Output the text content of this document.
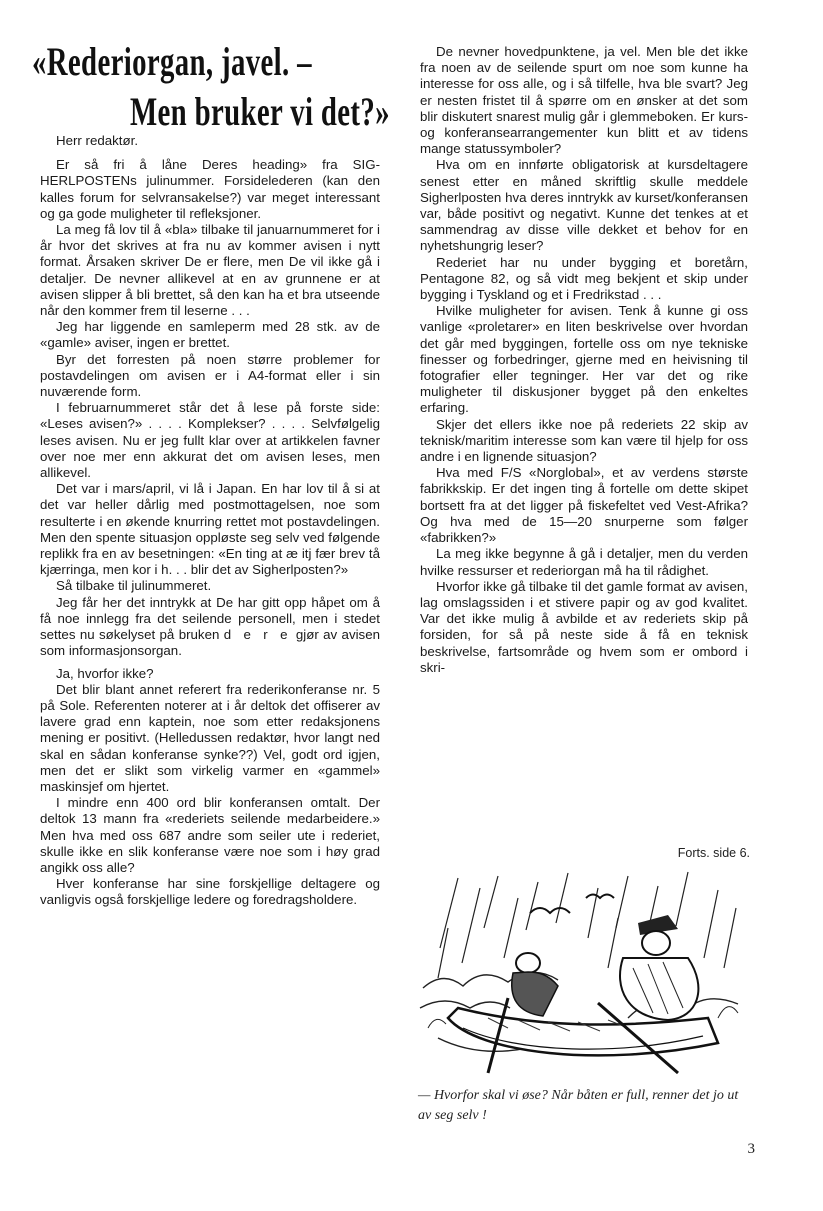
«Rederiorgan, javel. –
Men bruker vi det?»

Herr redaktør.

Er så fri å låne Deres heading» fra SIG-HERLPOSTENs julinummer. Forsidelederen (kan den kalles forum for selvransakelse?) var meget interessant og ga gode muligheter til refleksjoner.

La meg få lov til å «bla» tilbake til januarnummeret for i år hvor det skrives at fra nu av kommer avisen i nytt format. Årsaken skriver De er flere, men De vil ikke gå i detaljer. De nevner allikevel at en av grunnene er at avisen slipper å bli brettet, så den kan ha et bra utseende når den kommer frem til leserne . . .

Jeg har liggende en samleperm med 28 stk. av de «gamle» aviser, ingen er brettet.

Byr det forresten på noen større problemer for postavdelingen om avisen er i A4-format eller i sin nuværende form.

I februarnummeret står det å lese på forste side: «Leses avisen?» . . . . Komplekser? . . . . Selvfølgelig leses avisen. Nu er jeg fullt klar over at artikkelen favner over noe mer enn akkurat det om avisen leses, men allikevel.

Det var i mars/april, vi lå i Japan. En har lov til å si at det var heller dårlig med postmottagelsen, noe som resulterte i en økende knurring rettet mot postavdelingen. Men den spente situasjon oppløste seg selv ved følgende replikk fra en av besetningen: «En ting at æ itj fær brev tå kjærringa, men kor i h. . . blir det av Sigherlposten?»

Så tilbake til julinummeret.

Jeg får her det inntrykk at De har gitt opp håpet om å få noe innlegg fra det seilende personell, men i stedet settes nu søkelyset på bruken d e r e gjør av avisen som informasjonsorgan.

Ja, hvorfor ikke?

Det blir blant annet referert fra rederikonferanse nr. 5 på Sole. Referenten noterer at i år deltok det offiserer av lavere grad enn kaptein, noe som etter redaksjonens mening er positivt. (Helledussen redaktør, hvor langt ned skal en sådan konferanse synke??) Vel, godt ord igjen, men det er slikt som virkelig varmer en «gammel» maskinsjef om hjertet.

I mindre enn 400 ord blir konferansen omtalt. Der deltok 13 mann fra «rederiets seilende medarbeidere.» Men hva med oss 687 andre som seiler ute i rederiet, skulle ikke en slik konferanse være noe som i høy grad angikk oss alle?

Hver konferanse har sine forskjellige deltagere og vanligvis også forskjellige ledere og foredragsholdere.

De nevner hovedpunktene, ja vel. Men ble det ikke fra noen av de seilende spurt om noe som kunne ha interesse for oss alle, og i så tilfelle, hva ble svart? Jeg er nesten fristet til å spørre om en ønsker at det som blir diskutert snarest mulig går i glemmeboken. Er kurs- og konferansearrangementer kun blitt et av tidens mange statussymboler?

Hva om en innførte obligatorisk at kursdeltagere senest etter en måned skriftlig skulle meddele Sigherlposten hva deres inntrykk av kurset/konferansen var, både positivt og negativt. Kunne det tenkes at et sammendrag av disse ville dekket et behov for en nyhetshungrig leser?

Rederiet har nu under bygging et boretårn, Pentagone 82, og så vidt meg bekjent et skip under bygging i Tyskland og et i Fredrikstad . . .

Hvilke muligheter for avisen. Tenk å kunne gi oss vanlige «proletarer» en liten beskrivelse over hvordan det går med byggingen, fortelle oss om nye tekniske finesser og forbedringer, gjerne med en heivisning til fotografier eller tegninger. Her var det og rike muligheter til diskusjoner bygget på den enkeltes erfaring.

Skjer det ellers ikke noe på rederiets 22 skip av teknisk/maritim interesse som kan være til hjelp for oss andre i en lignende situasjon?

Hva med F/S «Norglobal», et av verdens største fabrikkskip. Er det ingen ting å fortelle om dette skipet bortsett fra at det ligger på fiskefeltet ved Vest-Afrika? Og hva med de 15—20 snurperne som følger «fabrikken?»

La meg ikke begynne å gå i detaljer, men du verden hvilke ressurser et rederiorgan må ha til rådighet.

Hvorfor ikke gå tilbake til det gamle format av avisen, lag omslagssiden i et stivere papir og av god kvalitet. Var det ikke mulig å avbilde et av rederiets skip på forsiden, for så på neste side å få en teknisk beskrivelse, fartsområde og hvem som er ombord i skri-

Forts. side 6.
— Hvorfor skal vi øse? Når båten er full, renner det jo ut av seg selv !
3
